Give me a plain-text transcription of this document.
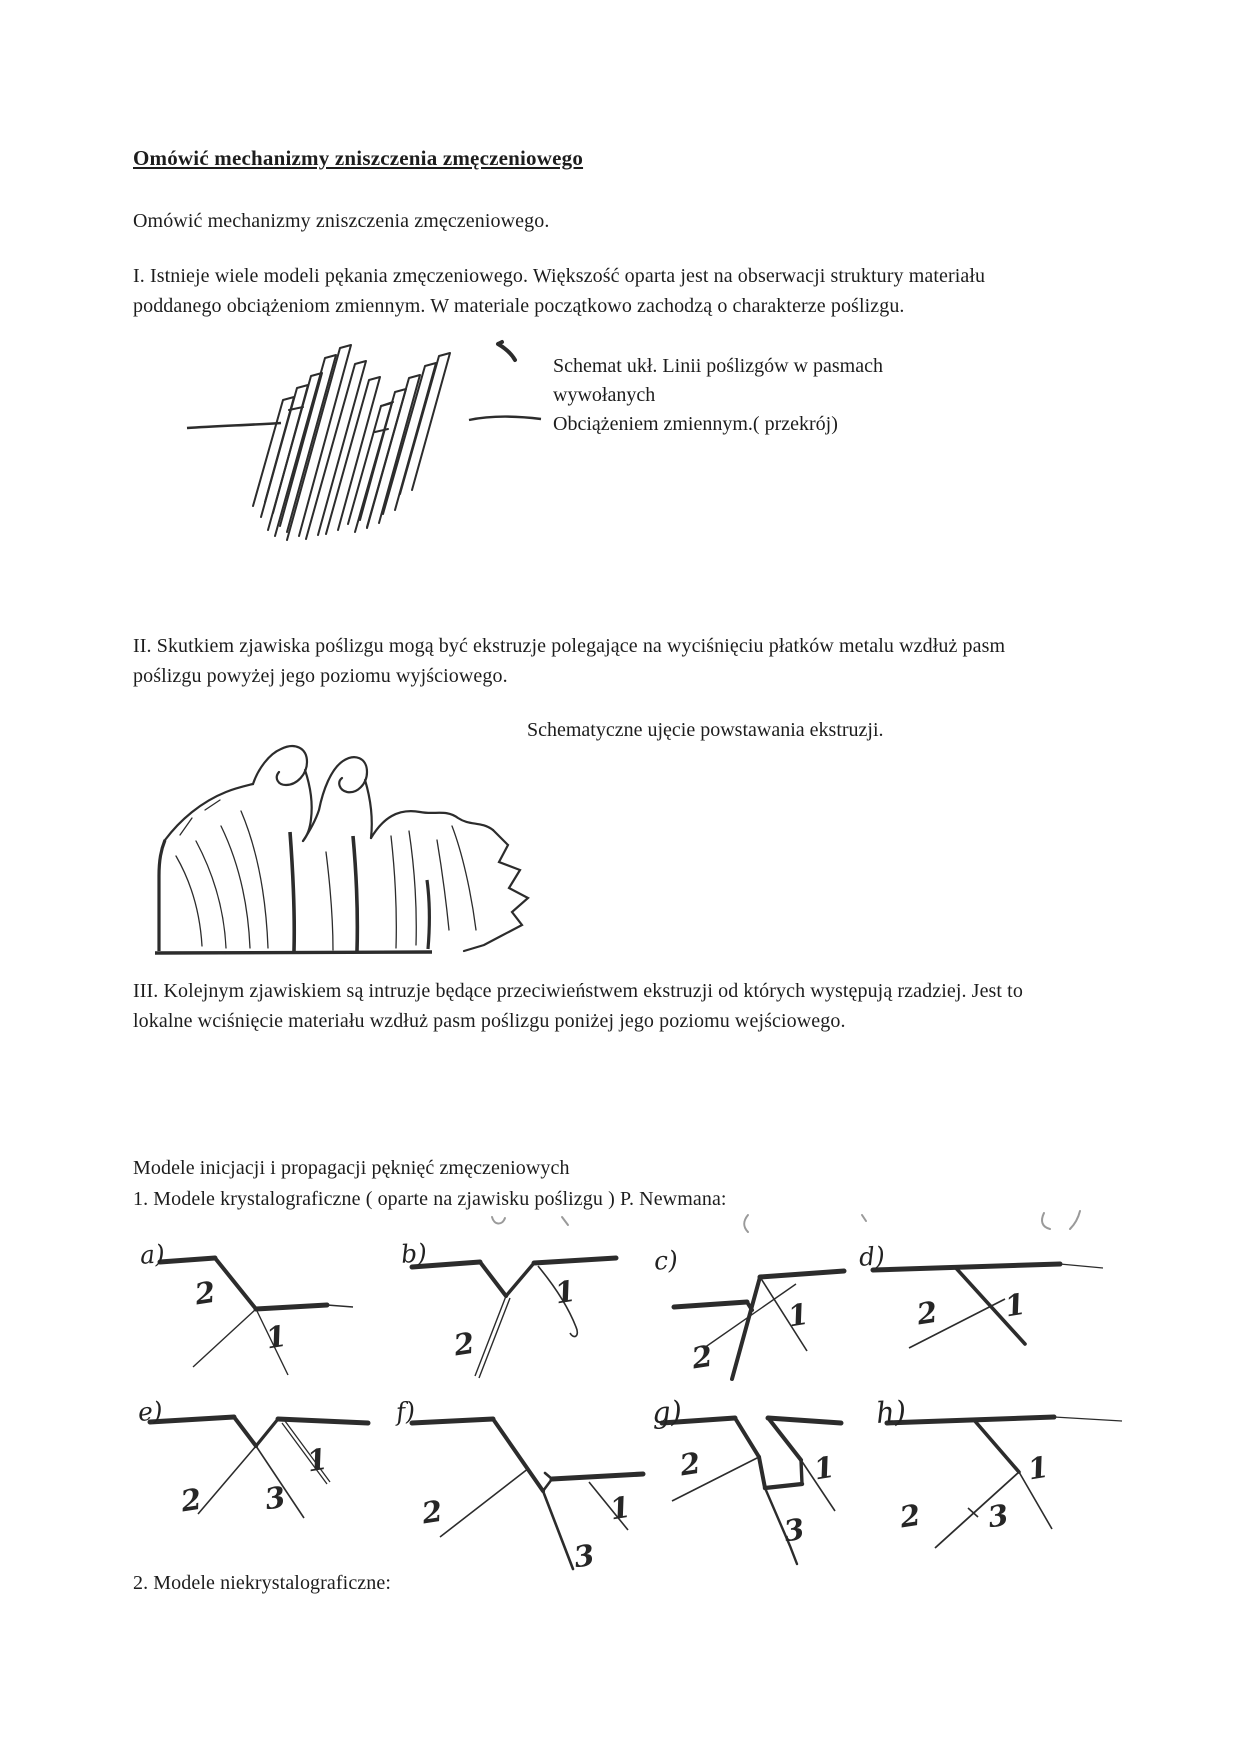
Omówić mechanizmy zniszczenia zmęczeniowego
Omówić mechanizmy zniszczenia zmęczeniowego.
I. Istnieje wiele modeli pękania zmęczeniowego. Większość oparta jest na obserwacji struktury materiału poddanego obciążeniom zmiennym. W materiale początkowo zachodzą o charakterze poślizgu.
Schemat ukł. Linii poślizgów w pasmach
wywołanych
Obciążeniem zmiennym.( przekrój)
II. Skutkiem zjawiska poślizgu mogą być ekstruzje polegające na wyciśnięciu płatków metalu wzdłuż pasm poślizgu powyżej jego poziomu wyjściowego.
Schematyczne ujęcie powstawania ekstruzji.
III. Kolejnym zjawiskiem są intruzje będące przeciwieństwem ekstruzji od których występują rzadziej. Jest to lokalne wciśnięcie materiału wzdłuż pasm poślizgu poniżej jego poziomu wejściowego.
Modele inicjacji i propagacji pęknięć zmęczeniowych
1. Modele krystalograficzne ( oparte na zjawisku poślizgu ) P. Newmana:
a)
2
1
b)
1
2
c)
1
2
d)
2 1
e)
2 3
1
f)
2
3
1
g)
2	1
3
h)
2 3
1
2. Modele niekrystalograficzne:
